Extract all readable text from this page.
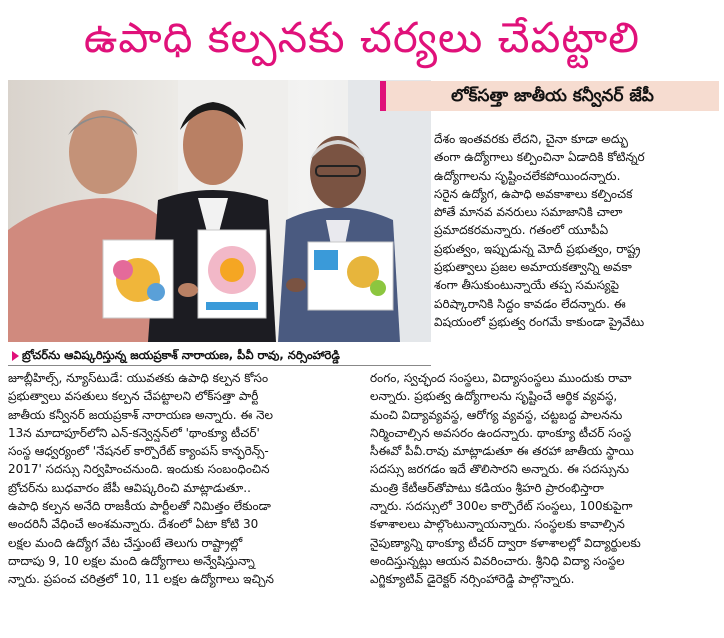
ఉపాధి కల్పనకు చర్యలు చేపట్టాలి
లోక్‌సత్తా జాతీయ కన్వీనర్ జేపీ
బ్రోచర్‌ను ఆవిష్కరిస్తున్న జయప్రకాశ్ నారాయణ, పీవీ రావు, నర్సింహారెడ్డి

దేశం ఇంతవరకు లేదని, చైనా కూడా అద్భు

తంగా ఉద్యోగాలు కల్పించినా ఏడాదికి కోటిన్నర

ఉద్యోగాలను సృష్టించలేకపోయిందన్నారు.

సరైన ఉద్యోగ, ఉపాధి అవకాశాలు కల్పించక

పోతే మానవ వనరులు సమాజానికి చాలా

ప్రమాదకరమన్నారు. గతంలో యూపీఏ

ప్రభుత్వం, ఇప్పుడున్న మోదీ ప్రభుత్వం, రాష్ట్ర

ప్రభుత్వాలు ప్రజల అమాయకత్వాన్ని అవకా

శంగా తీసుకుంటున్నాయే తప్ప సమస్యపై

పరిష్కారానికి సిద్ధం కావడం లేదన్నారు. ఈ

విషయంలో ప్రభుత్వ రంగమే కాకుండా ప్రైవేటు

జూబ్లీహిల్స్, న్యూస్‌టుడే: యువతకు ఉపాధి కల్పన కోసం

ప్రభుత్వాలు వసతులు కల్పన చేపట్టాలని లోక్‌సత్తా పార్టీ

జాతీయ కన్వీనర్ జయప్రకాశ్ నారాయణ అన్నారు. ఈ నెల

13న మాదాపూర్‌లోని ఎన్-కన్వెన్షన్‌లో 'థాంక్యూ టీచర్'

సంస్థ ఆధ్వర్యంలో 'నేషనల్ కార్పొరేట్ క్యాంపస్ కాన్ఫరెన్స్-

2017' సదస్సు నిర్వహించనుంది. ఇందుకు సంబంధించిన

బ్రోచర్‌ను బుధవారం జేపీ ఆవిష్కరించి మాట్లాడుతూ..

ఉపాధి కల్పన అనేది రాజకీయ పార్టీలతో నిమిత్తం లేకుండా

అందరినీ వేధించే అంశమన్నారు. దేశంలో ఏటా కోటి 30

లక్షల మంది ఉద్యోగ వేట చేస్తుంటే తెలుగు రాష్ట్రాల్లో

దాదాపు 9, 10 లక్షల మంది ఉద్యోగాలు అన్వేషిస్తున్నా

న్నారు. ప్రపంచ చరిత్రలో 10, 11 లక్షల ఉద్యోగాలు ఇచ్చిన

రంగం, స్వచ్ఛంద సంస్థలు, విద్యాసంస్థలు ముందుకు రావా

లన్నారు. ప్రభుత్వ ఉద్యోగాలను సృష్టించే ఆర్థిక వ్యవస్థ,

మంచి విద్యావ్యవస్థ, ఆరోగ్య వ్యవస్థ, చట్టబద్ధ పాలనను

నిర్మించాల్సిన అవసరం ఉందన్నారు. థాంక్యూ టీచర్ సంస్థ

సీఈవో పీవీ.రావు మాట్లాడుతూ ఈ తరహా జాతీయ స్థాయి

సదస్సు జరగడం ఇదే తొలిసారని అన్నారు. ఈ సదస్సును

మంత్రి కేటీఆర్‌తోపాటు కడియం శ్రీహరి ప్రారంభిస్తారా

న్నారు. సదస్సులో 300ల కార్పొరేట్ సంస్థలు, 100కుపైగా

కళాశాలలు పాల్గొంటున్నాయన్నారు. సంస్థలకు కావాల్సిన

నైపుణ్యాన్ని థాంక్యూ టీచర్ ద్వారా కళాశాలల్లో విద్యార్థులకు

అందిస్తున్నట్లు ఆయన వివరించారు. శ్రీనిధి విద్యా సంస్థల

ఎగ్జిక్యూటివ్ డైరెక్టర్ నర్సింహారెడ్డి పాల్గొన్నారు.
